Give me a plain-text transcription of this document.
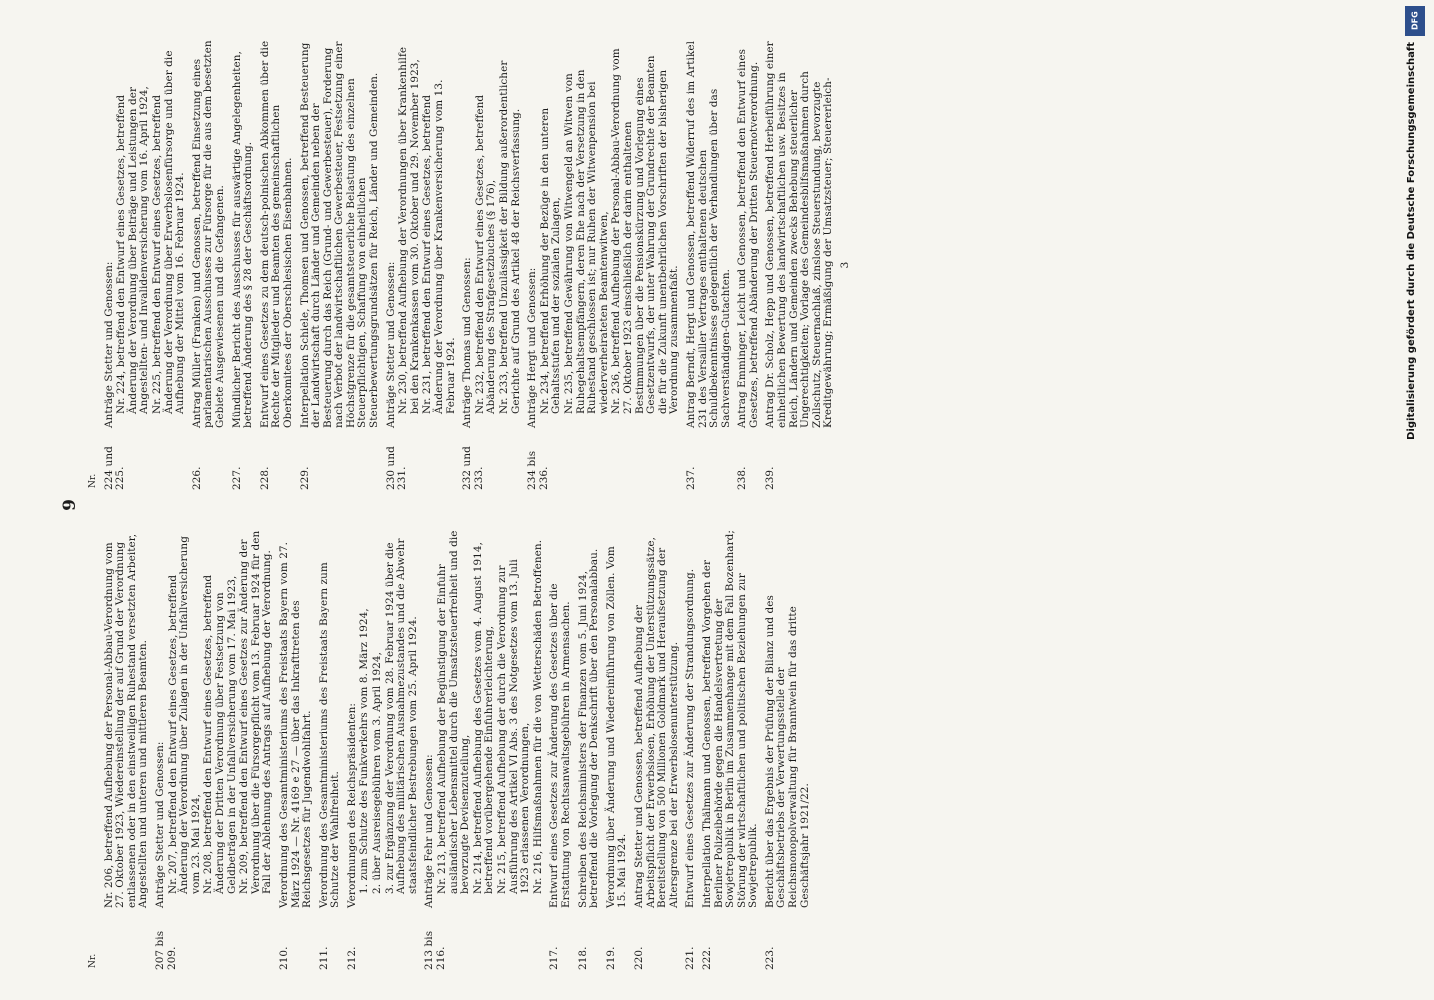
9
Nr.
Nr. 206, betreffend Aufhebung der Personal-Abbau-Verordnung vom 27. Oktober 1923, Wiedereinstellung der auf Grund der Verordnung entlassenen oder in den einstweiligen Ruhestand versetzten Arbeiter, Angestellten und unteren und mittleren Beamten.
207 bis 209.
Anträge Stetter und Genossen: Nr. 207, betreffend den Entwurf eines Gesetzes, betreffend Änderung der Verordnung über Zulagen in der Unfallversicherung vom 23. Mai 1924, Nr. 208, betreffend den Entwurf eines Gesetzes, betreffend Änderung der Dritten Verordnung über Festsetzung von Geldbeträgen in der Unfallversicherung vom 17. Mai 1923, Nr. 209, betreffend den Entwurf eines Gesetzes zur Änderung der Verordnung über die Fürsorgepflicht vom 13. Februar 1924 für den Fall der Ablehnung des Antrags auf Aufhebung der Verordnung.
210.
Verordnung des Gesamtministeriums des Freistaats Bayern vom 27. März 1924 — Nr. 4169 e 27 — über das Inkrafttreten des Reichsgesetzes für Jugendwohlfahrt.
211.
Verordnung des Gesamtministeriums des Freistaats Bayern zum Schutze der Wahlfreiheit.
212.
Verordnungen des Reichspräsidenten: 1. zum Schutze des Funkverkehrs vom 8. März 1924, 2. über Ausreisegebühren vom 3. April 1924, 3. zur Ergänzung der Verordnung vom 28. Februar 1924 über die Aufhebung des militärischen Ausnahmezustandes und die Abwehr staatsfeindlicher Bestrebungen vom 25. April 1924.
213 bis 216.
Anträge Fehr und Genossen: Nr. 213, betreffend Aufhebung der Begünstigung der Einfuhr ausländischer Lebensmittel durch die Umsatzsteuerfreiheit und die bevorzugte Devisenzuteilung, Nr. 214, betreffend Aufhebung des Gesetzes vom 4. August 1914, betreffend vorübergehende Einfuhrerleichterung, Nr. 215, betreffend Aufhebung der durch die Verordnung zur Ausführung des Artikel VI Abs. 3 des Notgesetzes vom 13. Juli 1923 erlassenen Verordnungen, Nr. 216, Hilfsmaßnahmen für die von Wetterschäden Betroffenen.
217.
Entwurf eines Gesetzes zur Änderung des Gesetzes über die Erstattung von Rechtsanwaltsgebühren in Armensachen.
218.
Schreiben des Reichsministers der Finanzen vom 5. Juni 1924, betreffend die Vorlegung der Denkschrift über den Personalabbau.
219.
Verordnung über Änderung und Wiedereinführung von Zöllen. Vom 15. Mai 1924.
220.
Antrag Stetter und Genossen, betreffend Aufhebung der Arbeitspflicht der Erwerbslosen, Erhöhung der Unterstützungssätze, Bereitstellung von 500 Millionen Goldmark und Heraufsetzung der Altersgrenze bei der Erwerbslosenunterstützung.
221.
Entwurf eines Gesetzes zur Änderung der Strandungsordnung.
222.
Interpellation Thälmann und Genossen, betreffend Vorgehen der Berliner Polizeibehörde gegen die Handelsvertretung der Sowjetrepublik in Berlin im Zusammenhange mit dem Fall Bozenhard; Störung der wirtschaftlichen und politischen Beziehungen zur Sowjetrepublik.
223.
Bericht über das Ergebnis der Prüfung der Bilanz und des Geschäftsbetriebs der Verwertungsstelle der Reichsmonopolverwaltung für Branntwein für das dritte Geschäftsjahr 1921/22.
Nr. 224 und 225.
Anträge Stetter und Genossen: Nr. 224, betreffend den Entwurf eines Gesetzes, betreffend Änderung der Verordnung über Beiträge und Leistungen der Angestellten- und Invalidenversicherung vom 16. April 1924, Nr. 225, betreffend den Entwurf eines Gesetzes, betreffend Änderung der Verordnung über Erwerbslosenfürsorge und über die Aufhebung der Mittel vom 16. Februar 1924.
226.
Antrag Müller (Franken) und Genossen, betreffend Einsetzung eines parlamentarischen Ausschusses zur Fürsorge für die aus dem besetzten Gebiete Ausgewiesenen und die Gefangenen.
227.
Mündlicher Bericht des Ausschusses für auswärtige Angelegenheiten, betreffend Änderung des § 28 der Geschäftsordnung.
228.
Entwurf eines Gesetzes zu dem deutsch-polnischen Abkommen über die Rechte der Mitglieder und Beamten des gemeinschaftlichen Oberkomitees der Oberschlesischen Eisenbahnen.
229.
Interpellation Schiele, Thomsen und Genossen, betreffend Besteuerung der Landwirtschaft durch Länder und Gemeinden neben der Besteuerung durch das Reich (Grund- und Gewerbesteuer), Forderung nach Verbot der landwirtschaftlichen Gewerbesteuer, Festsetzung einer Höchstgrenze für die gesamtsteuerliche Belastung des einzelnen Steuerpflichtigen, Schaffung von einheitlichen Steuerbewertungsgrundsätzen für Reich, Länder und Gemeinden.
230 und 231.
Anträge Stetter und Genossen: Nr. 230, betreffend Aufhebung der Verordnungen über Krankenhilfe bei den Krankenkassen vom 30. Oktober und 29. November 1923, Nr. 231, betreffend den Entwurf eines Gesetzes, betreffend Änderung der Verordnung über Krankenversicherung vom 13. Februar 1924.
232 und 233.
Anträge Thomas und Genossen: Nr. 232, betreffend den Entwurf eines Gesetzes, betreffend Abänderung des Strafgesetzbuches (§ 176), Nr. 233, betreffend Unzulässigkeit der Bildung außerordentlicher Gerichte auf Grund des Artikel 48 der Reichsverfassung.
234 bis 236.
Anträge Hergt und Genossen: Nr. 234, betreffend Erhöhung der Bezüge in den unteren Gehaltsstufen und der sozialen Zulagen, Nr. 235, betreffend Gewährung von Witwengeld an Witwen von Ruhegehaltsempfängern, deren Ehe nach der Versetzung in den Ruhestand geschlossen ist; nur Ruhen der Witwenpension bei wiederverheirateten Beamtenwitwen, Nr. 236, betreffend Aufhebung der Personal-Abbau-Verordnung vom 27. Oktober 1923 einschließlich der darin enthaltenen Bestimmungen über die Pensionskürzung und Vorlegung eines Gesetzentwurfs, der unter Wahrung der Grundrechte der Beamten die für die Zukunft unentbehrlichen Vorschriften der bisherigen Verordnung zusammenfaßt.
237.
Antrag Berndt, Hergt und Genossen, betreffend Widerruf des im Artikel 231 des Versailler Vertrages enthaltenen deutschen Schuldbekenntnisses gelegentlich der Verhandlungen über das Sachverständigen-Gutachten.
238.
Antrag Emminger, Leicht und Genossen, betreffend den Entwurf eines Gesetzes, betreffend Abänderung der Dritten Steuernotverordnung.
239.
Antrag Dr. Scholz, Hepp und Genossen, betreffend Herbeiführung einer einheitlichen Bewertung des landwirtschaftlichen usw. Besitzes in Reich, Ländern und Gemeinden zwecks Behebung steuerlicher Ungerechtigkeiten; Vorlage des Gemeindesbilfsmaßnahmen durch Zollschutz, Steuernachlaß, zinslose Steuerstundung, bevorzugte Kreditgewährung; Ermäßigung der Umsatzsteuer; Steuererleich- 3
DFG
Digitalisierung gefördert durch die Deutsche Forschungsgemeinschaft
